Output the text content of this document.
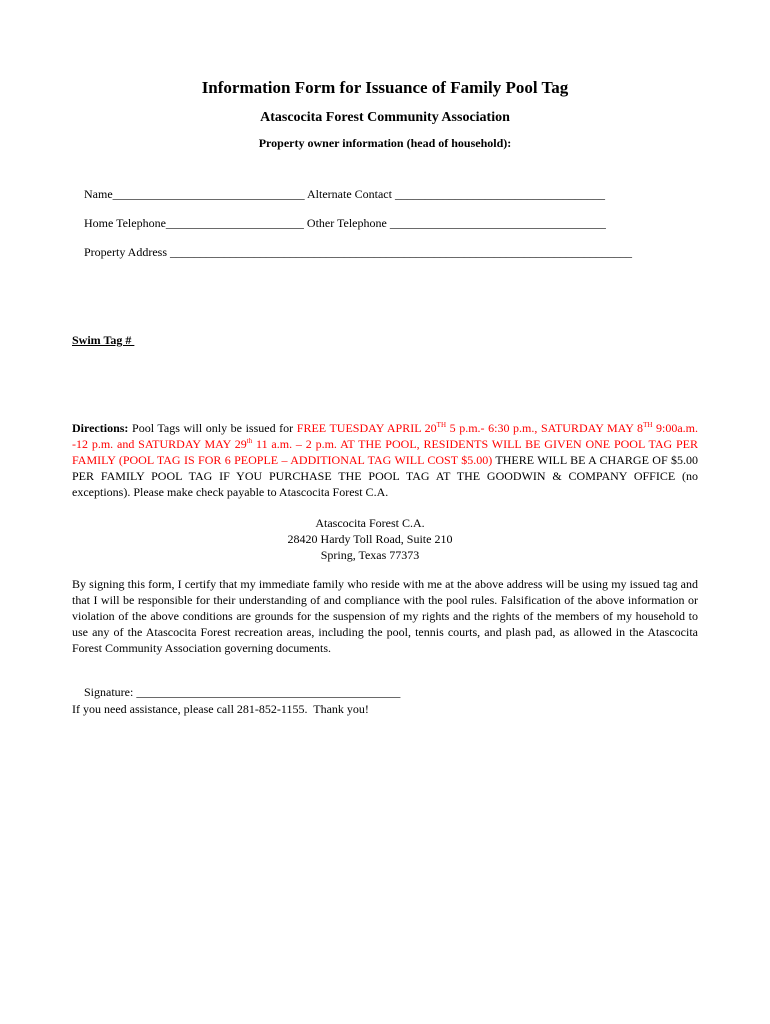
Information Form for Issuance of Family Pool Tag
Atascocita Forest Community Association
Property owner information (head of household):

Name________________________________ Alternate Contact ___________________________________

Home Telephone_______________________ Other Telephone ____________________________________

Property Address _____________________________________________________________________________

Swim Tag #
Directions: Pool Tags will only be issued for FREE TUESDAY APRIL 20TH 5 p.m.- 6:30 p.m., SATURDAY MAY 8TH 9:00a.m. -12 p.m. and SATURDAY MAY 29th 11 a.m. – 2 p.m. AT THE POOL, RESIDENTS WILL BE GIVEN ONE POOL TAG PER FAMILY (POOL TAG IS FOR 6 PEOPLE – ADDITIONAL TAG WILL COST $5.00) THERE WILL BE A CHARGE OF $5.00 PER FAMILY POOL TAG IF YOU PURCHASE THE POOL TAG AT THE GOODWIN & COMPANY OFFICE (no exceptions). Please make check payable to Atascocita Forest C.A.
Atascocita Forest C.A.
28420 Hardy Toll Road, Suite 210
Spring, Texas 77373
By signing this form, I certify that my immediate family who reside with me at the above address will be using my issued tag and that I will be responsible for their understanding of and compliance with the pool rules. Falsification of the above information or violation of the above conditions are grounds for the suspension of my rights and the rights of the members of my household to use any of the Atascocita Forest recreation areas, including the pool, tennis courts, and plash pad, as allowed in the Atascocita Forest Community Association governing documents.

Signature: ____________________________________________

If you need assistance, please call 281-852-1155.  Thank you!
